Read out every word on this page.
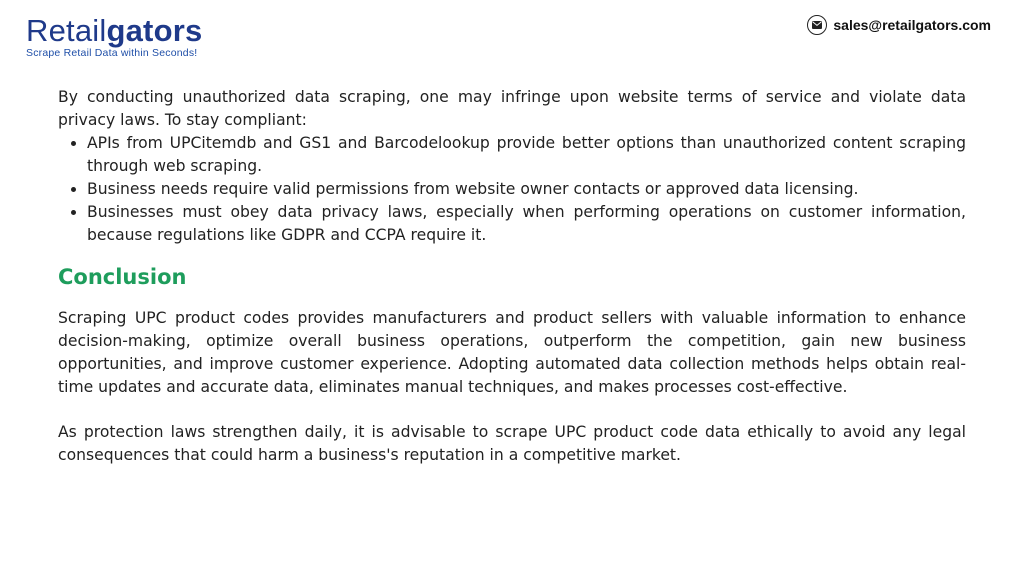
Retailgators
Scrape Retail Data within Seconds!
sales@retailgators.com

By conducting unauthorized data scraping, one may infringe upon website terms of service and violate data privacy laws. To stay compliant:

• APIs from UPCitemdb and GS1 and Barcodelookup provide better options than unauthorized content scraping through web scraping.
• Business needs require valid permissions from website owner contacts or approved data licensing.
• Businesses must obey data privacy laws, especially when performing operations on customer information, because regulations like GDPR and CCPA require it.
Conclusion

Scraping UPC product codes provides manufacturers and product sellers with valuable information to enhance decision-making, optimize overall business operations, outperform the competition, gain new business opportunities, and improve customer experience. Adopting automated data collection methods helps obtain real-time updates and accurate data, eliminates manual techniques, and makes processes cost-effective.

As protection laws strengthen daily, it is advisable to scrape UPC product code data ethically to avoid any legal consequences that could harm a business's reputation in a competitive market.
